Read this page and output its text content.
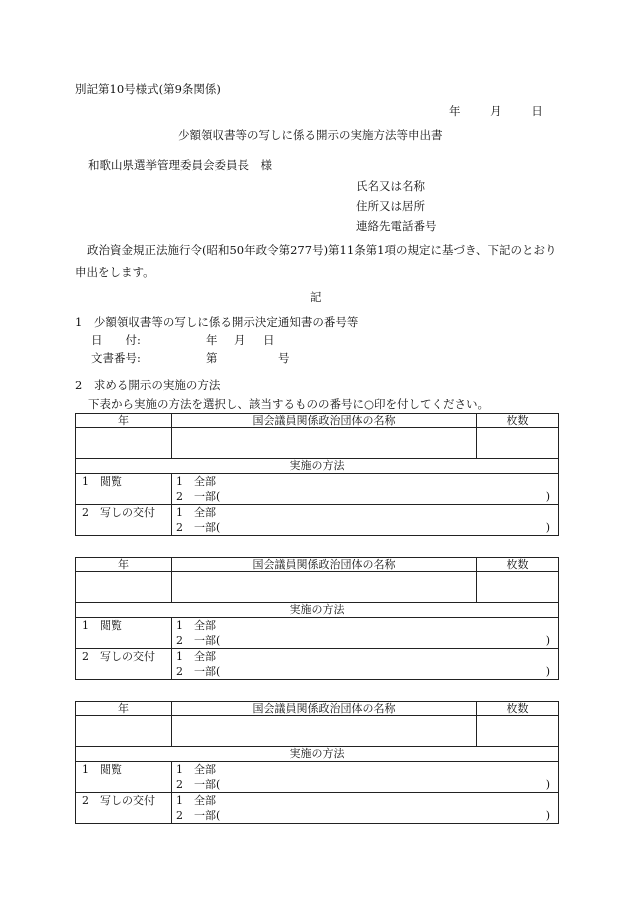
別記第10号様式(第9条関係)
年	月	日
少額領収書等の写しに係る開示の実施方法等申出書
和歌山県選挙管理委員会委員長　様
氏名又は名称
住所又は居所
連絡先電話番号
政治資金規正法施行令(昭和50年政令第277号)第11条第1項の規定に基づき、下記のとおり申出をします。
記
1　少額領収書等の写しに係る開示決定通知書の番号等
日　　付:	年 月 日
文書番号:	第	号
2　求める開示の実施の方法
下表から実施の方法を選択し、該当するものの番号に○印を付してください。
年	国会議員関係政治団体の名称	枚数

実施の方法		
1　閲覧	1　全部
2　一部( )	

2　写しの交付	1　全部
2　一部( )	
年	国会議員関係政治団体の名称	枚数

実施の方法		
1　閲覧	1　全部
2　一部( )	

2　写しの交付	1　全部
2　一部( )	
年	国会議員関係政治団体の名称	枚数

実施の方法		
1　閲覧	1　全部
2　一部( )	

2　写しの交付	1　全部
2　一部( )	
